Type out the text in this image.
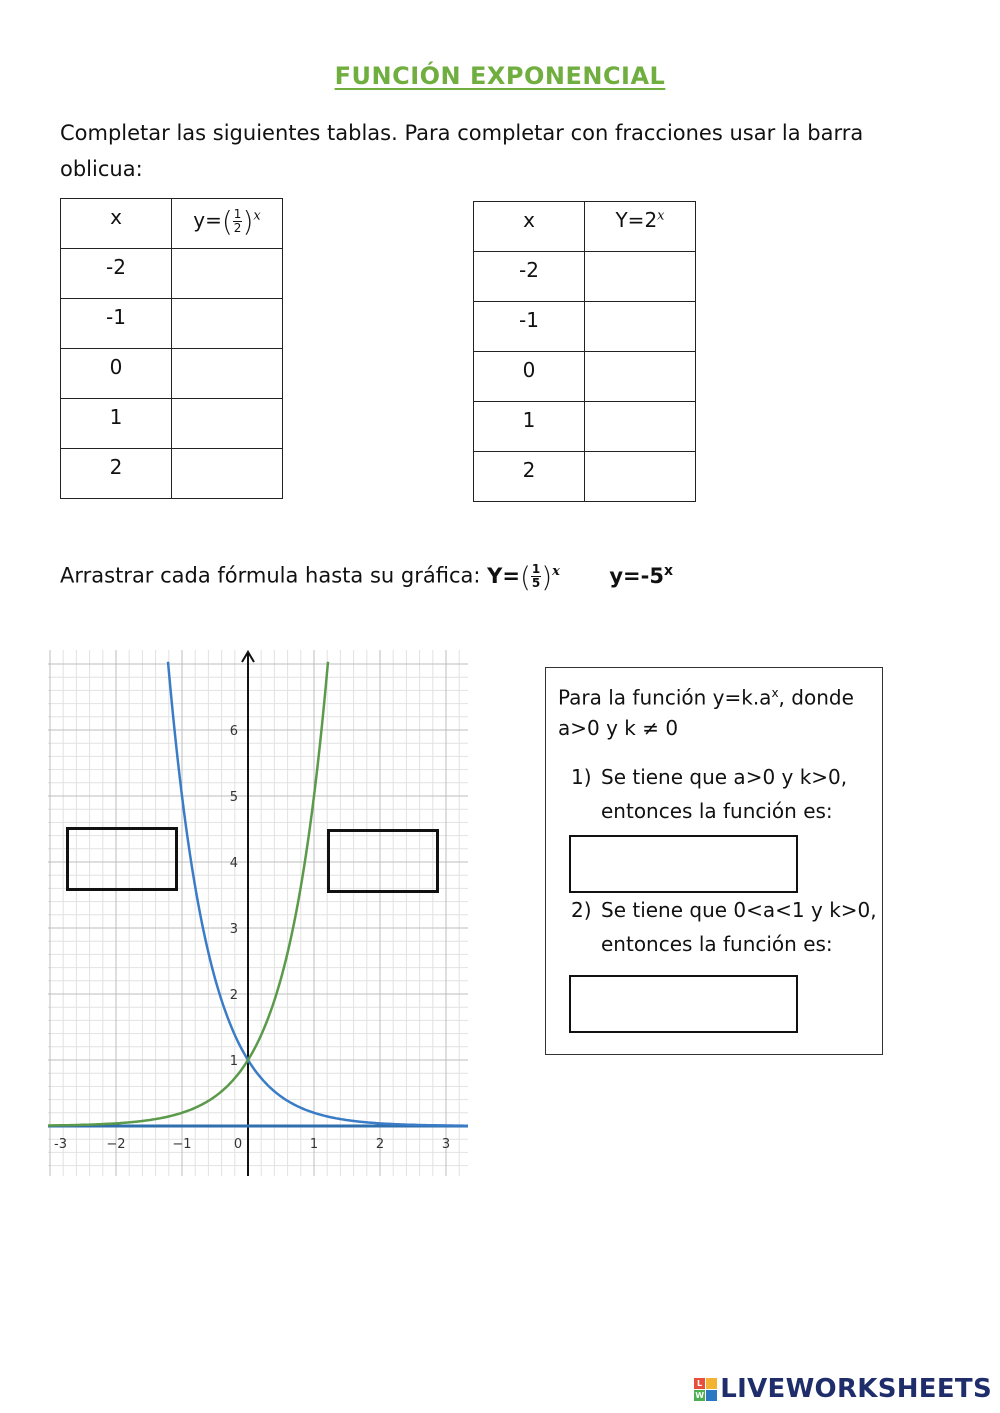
FUNCIÓN EXPONENCIAL
Completar las siguientes tablas. Para completar con fracciones usar la barra oblicua:
x	$y=( \frac{1}{2} )^x$
-2	
-1	
0	
1	
2	
x	$Y=2^x$
-2	
-1	
0	
1	
2	
Arrastrar cada fórmula hasta su gráfica: $Y=( \frac{1}{5} )^x$ $y=-5^x$
-3	−2	−1	0	1	2	3
1
2
3
4
5
6
Para la función $y=k.a^x$, donde
a>0 y k ≠ 0
1) Se tiene que a>0 y k>0,
entonces la función es:
2) Se tiene que 0<a<1 y k>0,
entonces la función es:
L
W LIVEWORKSHEETS
